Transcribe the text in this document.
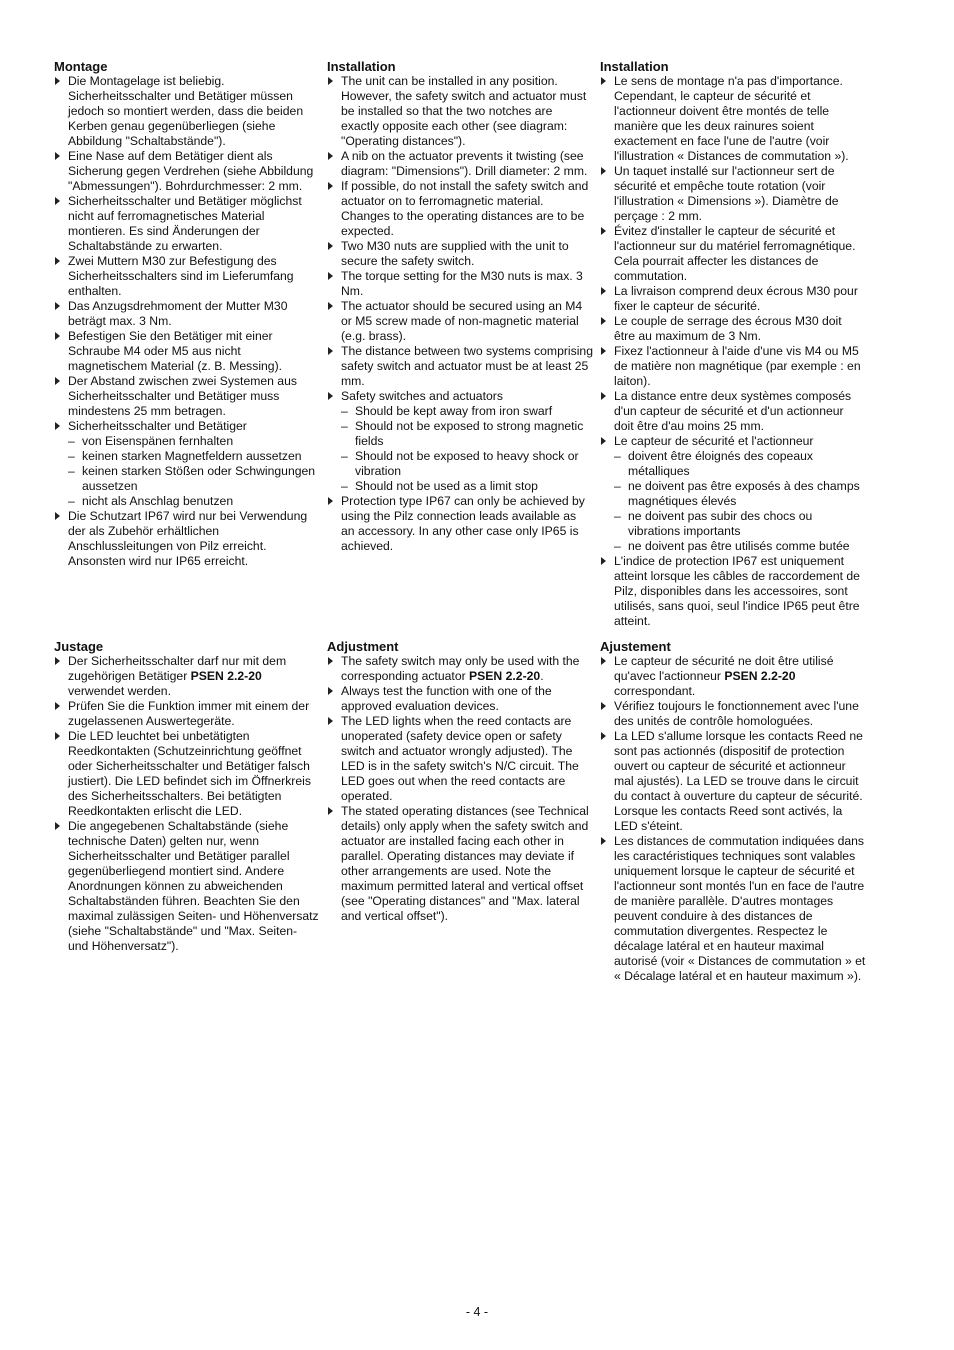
Montage
Die Montagelage ist beliebig. Sicherheitsschalter und Betätiger müssen jedoch so montiert werden, dass die beiden Kerben genau gegenüberliegen (siehe Abbildung "Schaltabstände").
Eine Nase auf dem Betätiger dient als Sicherung gegen Verdrehen (siehe Abbildung "Abmessungen"). Bohrdurchmesser: 2 mm.
Sicherheitsschalter und Betätiger möglichst nicht auf ferromagnetisches Material montieren. Es sind Änderungen der Schaltabstände zu erwarten.
Zwei Muttern M30 zur Befestigung des Sicherheitsschalters sind im Lieferumfang enthalten.
Das Anzugsdrehmoment der Mutter M30 beträgt max. 3 Nm.
Befestigen Sie den Betätiger mit einer Schraube M4 oder M5 aus nicht magnetischem Material (z. B. Messing).
Der Abstand zwischen zwei Systemen aus Sicherheitsschalter und Betätiger muss mindestens 25 mm betragen.
Sicherheitsschalter und Betätiger
– von Eisenspänen fernhalten
– keinen starken Magnetfeldern aussetzen
– keinen starken Stößen oder Schwingungen aussetzen
– nicht als Anschlag benutzen
Die Schutzart IP67 wird nur bei Verwendung der als Zubehör erhältlichen Anschlussleitungen von Pilz erreicht. Ansonsten wird nur IP65 erreicht.
Installation
The unit can be installed in any position. However, the safety switch and actuator must be installed so that the two notches are exactly opposite each other (see diagram: "Operating distances").
A nib on the actuator prevents it twisting (see diagram: "Dimensions"). Drill diameter: 2 mm.
If possible, do not install the safety switch and actuator on to ferromagnetic material. Changes to the operating distances are to be expected.
Two M30 nuts are supplied with the unit to secure the safety switch.
The torque setting for the M30 nuts is max. 3 Nm.
The actuator should be secured using an M4 or M5 screw made of non-magnetic material (e.g. brass).
The distance between two systems comprising safety switch and actuator must be at least 25 mm.
Safety switches and actuators
– Should be kept away from iron swarf
– Should not be exposed to strong magnetic fields
– Should not be exposed to heavy shock or vibration
– Should not be used as a limit stop
Protection type IP67 can only be achieved by using the Pilz connection leads available as an accessory. In any other case only IP65 is achieved.
Installation
Le sens de montage n'a pas d'importance. Cependant, le capteur de sécurité et l'actionneur doivent être montés de telle manière que les deux rainures soient exactement en face l'une de l'autre (voir l'illustration « Distances de commutation »).
Un taquet installé sur l'actionneur sert de sécurité et empêche toute rotation (voir l'illustration « Dimensions »). Diamètre de perçage : 2 mm.
Évitez d'installer le capteur de sécurité et l'actionneur sur du matériel ferromagnétique. Cela pourrait affecter les distances de commutation.
La livraison comprend deux écrous M30 pour fixer le capteur de sécurité.
Le couple de serrage des écrous M30 doit être au maximum de 3 Nm.
Fixez l'actionneur à l'aide d'une vis M4 ou M5 de matière non magnétique (par exemple : en laiton).
La distance entre deux systèmes composés d'un capteur de sécurité et d'un actionneur doit être d'au moins 25 mm.
Le capteur de sécurité et l'actionneur
– doivent être éloignés des copeaux métalliques
– ne doivent pas être exposés à des champs magnétiques élevés
– ne doivent pas subir des chocs ou vibrations importants
– ne doivent pas être utilisés comme butée
L'indice de protection IP67 est uniquement atteint lorsque les câbles de raccordement de Pilz, disponibles dans les accessoires, sont utilisés, sans quoi, seul l'indice IP65 peut être atteint.
Justage
Der Sicherheitsschalter darf nur mit dem zugehörigen Betätiger PSEN 2.2-20 verwendet werden.
Prüfen Sie die Funktion immer mit einem der zugelassenen Auswertegeräte.
Die LED leuchtet bei unbetätigten Reedkontakten (Schutzeinrichtung geöffnet oder Sicherheitsschalter und Betätiger falsch justiert). Die LED befindet sich im Öffnerkreis des Sicherheitsschalters. Bei betätigten Reedkontakten erlischt die LED.
Die angegebenen Schaltabstände (siehe technische Daten) gelten nur, wenn Sicherheitsschalter und Betätiger parallel gegenüberliegend montiert sind. Andere Anordnungen können zu abweichenden Schaltabständen führen. Beachten Sie den maximal zulässigen Seiten- und Höhenversatz (siehe "Schaltabstände" und "Max. Seiten- und Höhenversatz").
Adjustment
The safety switch may only be used with the corresponding actuator PSEN 2.2-20.
Always test the function with one of the approved evaluation devices.
The LED lights when the reed contacts are unoperated (safety device open or safety switch and actuator wrongly adjusted). The LED is in the safety switch's N/C circuit. The LED goes out when the reed contacts are operated.
The stated operating distances (see Technical details) only apply when the safety switch and actuator are installed facing each other in parallel. Operating distances may deviate if other arrangements are used. Note the maximum permitted lateral and vertical offset (see "Operating distances" and "Max. lateral and vertical offset").
Ajustement
Le capteur de sécurité ne doit être utilisé qu'avec l'actionneur PSEN 2.2-20 correspondant.
Vérifiez toujours le fonctionnement avec l'une des unités de contrôle homologuées.
La LED s'allume lorsque les contacts Reed ne sont pas actionnés (dispositif de protection ouvert ou capteur de sécurité et actionneur mal ajustés). La LED se trouve dans le circuit du contact à ouverture du capteur de sécurité. Lorsque les contacts Reed sont activés, la LED s'éteint.
Les distances de commutation indiquées dans les caractéristiques techniques sont valables uniquement lorsque le capteur de sécurité et l'actionneur sont montés l'un en face de l'autre de manière parallèle. D'autres montages peuvent conduire à des distances de commutation divergentes. Respectez le décalage latéral et en hauteur maximal autorisé (voir « Distances de commutation » et « Décalage latéral et en hauteur maximum »).
- 4 -
